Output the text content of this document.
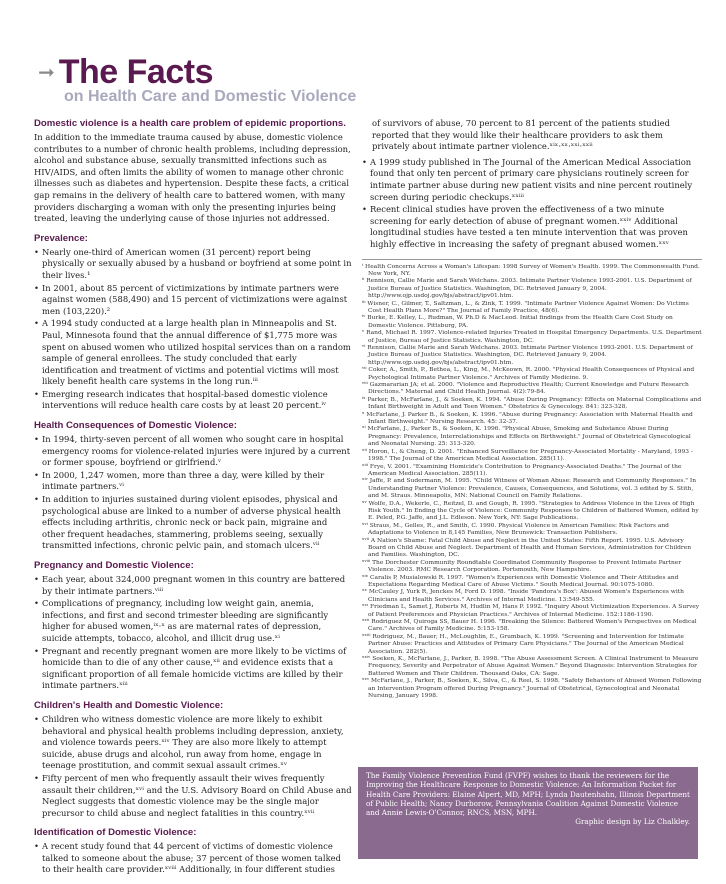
➞ The Facts
on Health Care and Domestic Violence
Domestic violence is a health care problem of epidemic proportions.

In addition to the immediate trauma caused by abuse, domestic violence contributes to a number of chronic health problems, including depression, alcohol and substance abuse, sexually transmitted infections such as HIV/AIDS, and often limits the ability of women to manage other chronic illnesses such as diabetes and hypertension. Despite these facts, a critical gap remains in the delivery of health care to battered women, with many providers discharging a woman with only the presenting injuries being treated, leaving the underlying cause of those injuries not addressed.

Prevalence:
• Nearly one-third of American women (31 percent) report being physically or sexually abused by a husband or boyfriend at some point in their lives.¹
• In 2001, about 85 percent of victimizations by intimate partners were against women (588,490) and 15 percent of victimizations were against men (103,220).²
• A 1994 study conducted at a large health plan in Minneapolis and St. Paul, Minnesota found that the annual difference of $1,775 more was spent on abused women who utilized hospital services than on a random sample of general enrollees. The study concluded that early identification and treatment of victims and potential victims will most likely benefit health care systems in the long run.ⁱⁱⁱ
• Emerging research indicates that hospital-based domestic violence interventions will reduce health care costs by at least 20 percent.ⁱᵛ
Health Consequences of Domestic Violence:
• In 1994, thirty-seven percent of all women who sought care in hospital emergency rooms for violence-related injuries were injured by a current or former spouse, boyfriend or girlfriend.ᵛ
• In 2000, 1,247 women, more than three a day, were killed by their intimate partners.ᵛⁱ
• In addition to injuries sustained during violent episodes, physical and psychological abuse are linked to a number of adverse physical health effects including arthritis, chronic neck or back pain, migraine and other frequent headaches, stammering, problems seeing, sexually transmitted infections, chronic pelvic pain, and stomach ulcers.ᵛⁱⁱ
Pregnancy and Domestic Violence:
• Each year, about 324,000 pregnant women in this country are battered by their intimate partners.ᵛⁱⁱⁱ
• Complications of pregnancy, including low weight gain, anemia, infections, and first and second trimester bleeding are significantly higher for abused women,ⁱˣ·ˣ as are maternal rates of depression, suicide attempts, tobacco, alcohol, and illicit drug use.ˣⁱ
• Pregnant and recently pregnant women are more likely to be victims of homicide than to die of any other cause,ˣⁱⁱ and evidence exists that a significant proportion of all female homicide victims are killed by their intimate partners.ˣⁱⁱⁱ
Children's Health and Domestic Violence:
• Children who witness domestic violence are more likely to exhibit behavioral and physical health problems including depression, anxiety, and violence towards peers.ˣⁱᵛ They are also more likely to attempt suicide, abuse drugs and alcohol, run away from home, engage in teenage prostitution, and commit sexual assault crimes.ˣᵛ
• Fifty percent of men who frequently assault their wives frequently assault their children,ˣᵛⁱ and the U.S. Advisory Board on Child Abuse and Neglect suggests that domestic violence may be the single major precursor to child abuse and neglect fatalities in this country.ˣᵛⁱⁱ
Identification of Domestic Violence:
• A recent study found that 44 percent of victims of domestic violence talked to someone about the abuse; 37 percent of those women talked to their health care provider.ˣᵛⁱⁱⁱ Additionally, in four different studies

of survivors of abuse, 70 percent to 81 percent of the patients studied reported that they would like their healthcare providers to ask them privately about intimate partner violence.ˣⁱˣ·ˣˣ·ˣˣⁱ·ˣˣⁱⁱ

• A 1999 study published in The Journal of the American Medical Association found that only ten percent of primary care physicians routinely screen for intimate partner abuse during new patient visits and nine percent routinely screen during periodic checkups.ˣˣⁱⁱⁱ
• Recent clinical studies have proven the effectiveness of a two minute screening for early detection of abuse of pregnant women.ˣˣⁱᵛ Additional longitudinal studies have tested a ten minute intervention that was proven highly effective in increasing the safety of pregnant abused women.ˣˣᵛ

ⁱ Health Concerns Across a Woman's Lifespan: 1998 Survey of Women's Health. 1999. The Commonwealth Fund. New York, NY.

ⁱⁱ Rennison, Callie Marie and Sarah Welchans. 2003. Intimate Partner Violence 1993-2001. U.S. Department of Justice Bureau of Justice Statistics. Washington, DC. Retrieved January 9, 2004. http://www.ojp.usdoj.gov/bjs/abstract/ipv01.htm.

ⁱⁱⁱ Wisner, C., Gilmer, T., Saltzman, L., & Zink, T. 1999. "Intimate Partner Violence Against Women: Do Victims Cost Health Plans More?" The Journal of Family Practice, 48(6).

ⁱᵛ Burke, E. Kelley, L., Rudman, W. Ph.D & MacLeod. Initial findings from the Health Care Cost Study on Domestic Violence. Pittsburg, PA.

ᵛ Rand, Michael R. 1997. Violence-related Injuries Treated in Hospital Emergency Departments. U.S. Department of Justice, Bureau of Justice Statistics. Washington, DC.

ᵛⁱ Rennison, Callie Marie and Sarah Welchans. 2003. Intimate Partner Violence 1993-2001. U.S. Department of Justice Bureau of Justice Statistics. Washington, DC. Retrieved January 9, 2004. http://www.ojp.usdoj.gov/bjs/abstract/ipv01.htm.

ᵛⁱⁱ Coker, A., Smith, P., Bethea, L., King, M., McKeown, R. 2000. "Physical Health Consequences of Physical and Psychological Intimate Partner Violence." Archives of Family Medicine. 9.

ᵛⁱⁱⁱ Gazmararian JA; et al. 2000. "Violence and Reproductive Health; Current Knowledge and Future Research Directions." Maternal and Child Health Journal. 4(2):79-84.

ⁱˣ Parker, B., McFarlane, J., & Soeken, K. 1994. "Abuse During Pregnancy: Effects on Maternal Complications and Infant Birthweight in Adult and Teen Women." Obstetrics & Gynecology. 841: 323-328.

ˣ McFarlane, J. Parker B., & Soeken, K. 1996. "Abuse during Pregnancy: Association with Maternal Health and Infant Birthweight." Nursing Research. 45: 32-37.

ˣⁱ McFarlane, J., Parker B., & Soeken, K. 1996. "Physical Abuse, Smoking and Substance Abuse During Pregnancy: Prevalence, Interrelationships and Effects on Birthweight." Journal of Obstetrical Gynecological and Neonatal Nursing. 25: 313-320.

ˣⁱⁱ Horon, I., & Cheng, D. 2001. "Enhanced Surveillance for Pregnancy-Associated Mortality - Maryland, 1993 - 1998." The Journal of the American Medical Association. 285(11).

ˣⁱⁱⁱ Frye, V. 2001. "Examining Homicide's Contribution to Pregnancy-Associated Deaths." The Journal of the American Medical Association. 285(11).

ˣⁱᵛ Jaffe, P. and Sudermann, M. 1995. "Child Witness of Woman Abuse: Research and Community Responses." In Understanding Partner Violence: Prevalence, Causes, Consequences, and Solutions, vol. 3 edited by S. Stith, and M. Straus. Minneapolis, MN: National Council on Family Relations.

ˣᵛ Wolfe, D.A., Wekerle, C., Reitzel, D. and Gough, R. 1995. "Strategies to Address Violence in the Lives of High Risk Youth." In Ending the Cycle of Violence: Community Responses to Children of Battered Women, edited by E. Peled, P.G. Jaffe, and J.L. Edleson. New York, NY: Sage Publications.

ˣᵛⁱ Straus, M., Gelles, R., and Smith, C. 1990. Physical Violence in American Families: Risk Factors and Adaptations to Violence in 8,145 Families, New Brunswick: Transaction Publishers.

ˣᵛⁱⁱ A Nation's Shame: Fatal Child Abuse and Neglect in the United States: Fifth Report. 1995. U.S. Advisory Board on Child Abuse and Neglect. Department of Health and Human Services, Administration for Children and Families. Washington, DC.

ˣᵛⁱⁱⁱ The Dorchester Community Roundtable Coordinated Community Response to Prevent Intimate Partner Violence. 2003. RMC Research Corporation. Portsmouth, New Hampshire.

ˣⁱˣ Caralis P, Musialowski R. 1997. "Women's Experiences with Domestic Violence and Their Attitudes and Expectations Regarding Medical Care of Abuse Victims." South Medical Journal. 90:1075-1080.

ˣˣ McCauley J, Yurk R, Jenckes M, Ford D. 1998. "Inside 'Pandora's Box': Abused Women's Experiences with Clinicians and Health Services." Archives of Internal Medicine. 13:549-555.

ˣˣⁱ Friedman L, Samet J, Roberts M, Hudlin M, Hans P. 1992. "Inquiry About Victimization Experiences. A Survey of Patient Preferences and Physician Practices." Archives of Internal Medicine. 152:1186-1190.

ˣˣⁱⁱ Rodriguez M, Quiroga SS, Bauer H. 1996. "Breaking the Silence: Battered Women's Perspectives on Medical Care." Archives of Family Medicine. 5:153-158.

ˣˣⁱⁱⁱ Rodriguez, M., Bauer, H., McLoughlin, E., Grumbach, K. 1999. "Screening and Intervention for Intimate Partner Abuse: Practices and Attitudes of Primary Care Physicians." The Journal of the American Medical Association. 282(5).

ˣˣⁱᵛ Soeken, K., McFarlane, J., Parker, B. 1998. "The Abuse Assessment Screen. A Clinical Instrument to Measure Frequency, Severity and Perpetrator of Abuse Against Women." Beyond Diagnosis: Intervention Strategies for Battered Women and Their Children. Thousand Oaks, CA: Sage.

ˣˣᵛ McFarlane, J., Parker, B., Soeken, K., Silva, C., & Reel, S. 1998. "Safety Behaviors of Abused Women Following an Intervention Program offered During Pregnancy." Journal of Obstetrical, Gynecological and Neonatal Nursing, January 1998.

The Family Violence Prevention Fund (FVPF) wishes to thank the reviewers for the Improving the Healthcare Response to Domestic Violence: An Information Packet for Health Care Providers: Elaine Alpert, MD, MPH; Lynda Dautenhahn, Illinois Department of Public Health; Nancy Durborow, Pennsylvania Coalition Against Domestic Violence and Annie Lewis-O'Connor, RNCS, MSN, MPH.
Graphic design by Liz Chalkley.
